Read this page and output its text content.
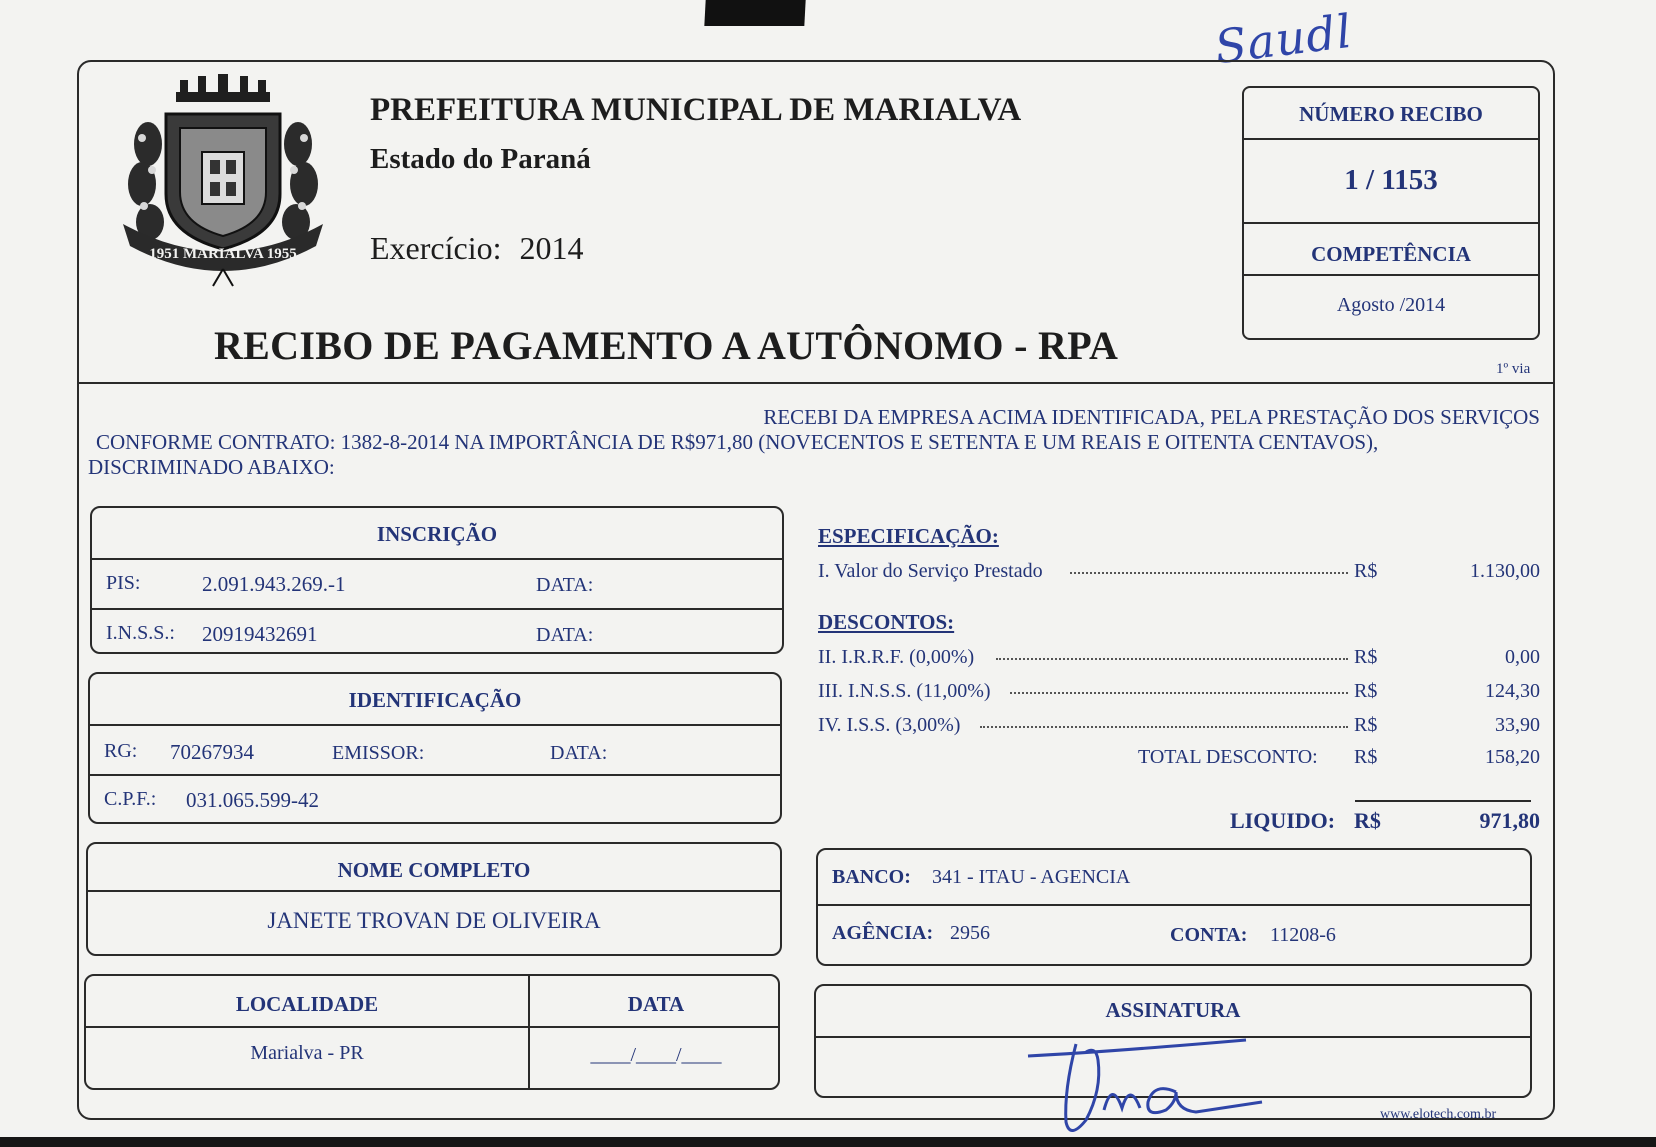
Saudl
1951 MARIALVA 1955
PREFEITURA MUNICIPAL DE MARIALVA
Estado do Paraná
Exercício: 2014
RECIBO DE PAGAMENTO A AUTÔNOMO - RPA
NÚMERO RECIBO
1 / 1153
COMPETÊNCIA
Agosto /2014
1º via
RECEBI DA EMPRESA ACIMA IDENTIFICADA, PELA PRESTAÇÃO DOS SERVIÇOS
CONFORME CONTRATO: 1382-8-2014 NA IMPORTÂNCIA DE R$971,80 (NOVECENTOS E SETENTA E UM REAIS E OITENTA CENTAVOS),
DISCRIMINADO ABAIXO:
INSCRIÇÃO
PIS:	2.091.943.269.-1	DATA:
I.N.S.S.: 20919432691	DATA:
IDENTIFICAÇÃO
RG: 70267934	EMISSOR:	DATA:
C.P.F.: 031.065.599-42
NOME COMPLETO
JANETE TROVAN DE OLIVEIRA
LOCALIDADE	DATA
Marialva - PR	____/____/____
ESPECIFICAÇÃO:
I. Valor do Serviço Prestado	R$	1.130,00
DESCONTOS:
II. I.R.R.F. (0,00%)	R$	0,00
III. I.N.S.S. (11,00%)	R$	124,30
IV. I.S.S. (3,00%)	R$	33,90
TOTAL DESCONTO: R$	158,20
LIQUIDO: R$	971,80
BANCO: 341 - ITAU - AGENCIA
AGÊNCIA: 2956	CONTA: 11208-6
ASSINATURA
www.elotech.com.br
